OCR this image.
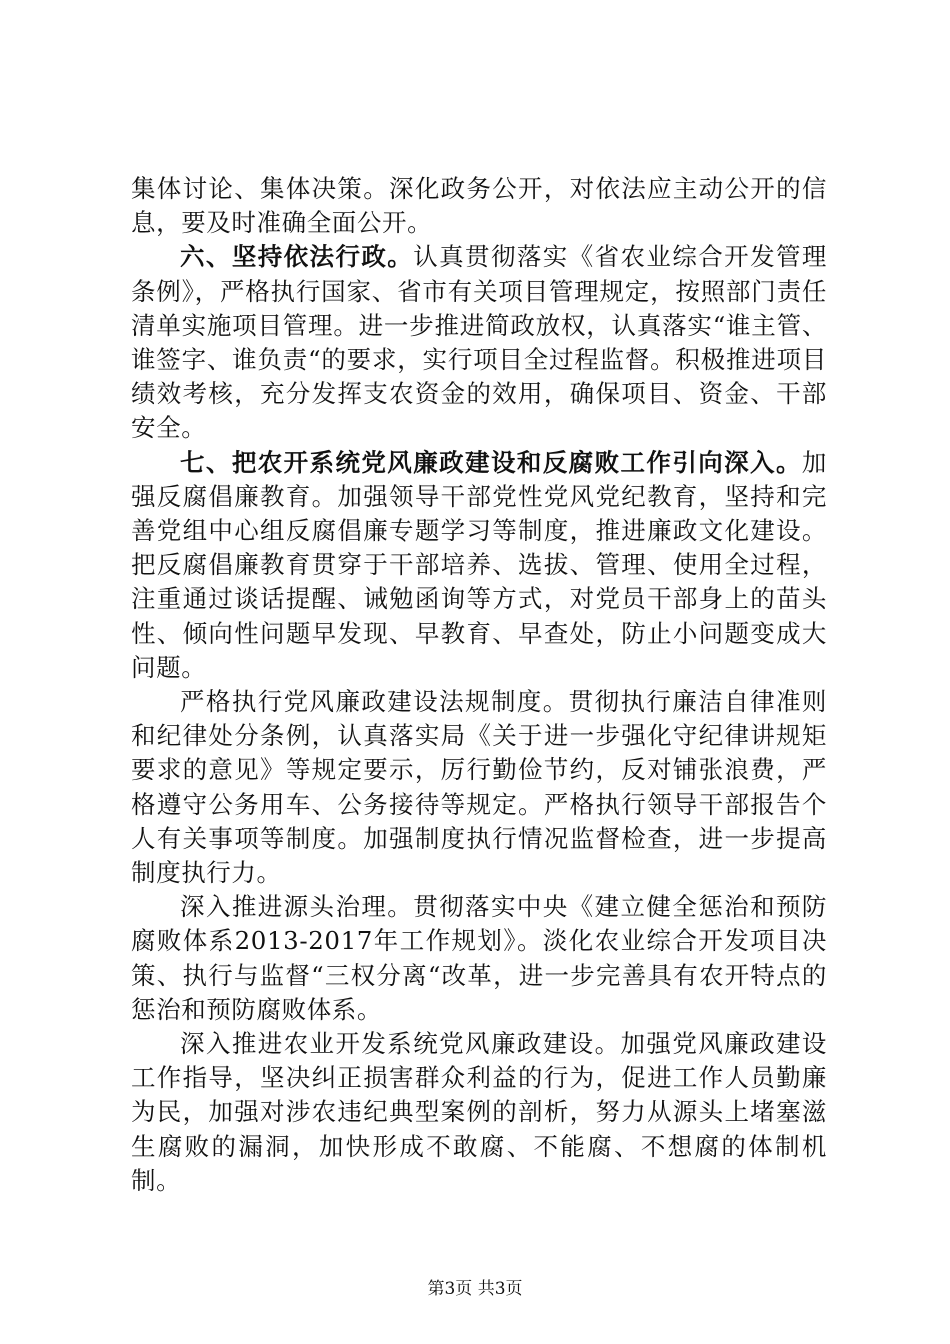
集体讨论、集体决策。深化政务公开，对依法应主动公开的信息，要及时准确全面公开。

六、坚持依法行政。认真贯彻落实《省农业综合开发管理条例》，严格执行国家、省市有关项目管理规定，按照部门责任清单实施项目管理。进一步推进简政放权，认真落实“谁主管、谁签字、谁负责“的要求，实行项目全过程监督。积极推进项目绩效考核，充分发挥支农资金的效用，确保项目、资金、干部安全。

七、把农开系统党风廉政建设和反腐败工作引向深入。加强反腐倡廉教育。加强领导干部党性党风党纪教育，坚持和完善党组中心组反腐倡廉专题学习等制度，推进廉政文化建设。把反腐倡廉教育贯穿于干部培养、选拔、管理、使用全过程，注重通过谈话提醒、诫勉函询等方式，对党员干部身上的苗头性、倾向性问题早发现、早教育、早查处，防止小问题变成大问题。

严格执行党风廉政建设法规制度。贯彻执行廉洁自律准则和纪律处分条例，认真落实局《关于进一步强化守纪律讲规矩要求的意见》等规定要示，厉行勤俭节约，反对铺张浪费，严格遵守公务用车、公务接待等规定。严格执行领导干部报告个人有关事项等制度。加强制度执行情况监督检查，进一步提高制度执行力。

深入推进源头治理。贯彻落实中央《建立健全惩治和预防腐败体系2013-2017年工作规划》。淡化农业综合开发项目决策、执行与监督“三权分离“改革，进一步完善具有农开特点的惩治和预防腐败体系。

深入推进农业开发系统党风廉政建设。加强党风廉政建设工作指导，坚决纠正损害群众利益的行为，促进工作人员勤廉为民，加强对涉农违纪典型案例的剖析，努力从源头上堵塞滋生腐败的漏洞，加快形成不敢腐、不能腐、不想腐的体制机制。

第3页 共3页
